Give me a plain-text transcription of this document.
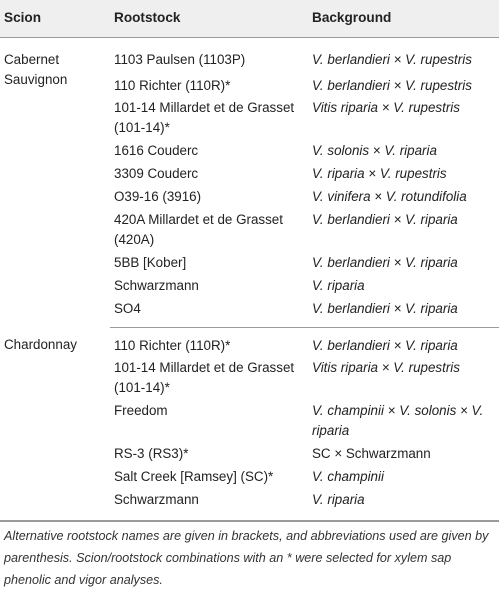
Scion	Rootstock	Background
Cabernet Sauvignon	1103 Paulsen (1103P)	V. berlandieri × V. rupestris
	110 Richter (110R)*	V. berlandieri × V. rupestris
	101-14 Millardet et de Grasset (101-14)*	Vitis riparia × V. rupestris
	1616 Couderc	V. solonis × V. riparia
	3309 Couderc	V. riparia × V. rupestris
	O39-16 (3916)	V. vinifera × V. rotundifolia
	420A Millardet et de Grasset (420A)	V. berlandieri × V. riparia
	5BB [Kober]	V. berlandieri × V. riparia
	Schwarzmann	V. riparia
	SO4	V. berlandieri × V. riparia
Chardonnay	110 Richter (110R)*	V. berlandieri × V. riparia
	101-14 Millardet et de Grasset (101-14)*	Vitis riparia × V. rupestris
	Freedom	V. champinii × V. solonis × V. riparia
	RS-3 (RS3)*	SC × Schwarzmann
	Salt Creek [Ramsey] (SC)*	V. champinii
	Schwarzmann	V. riparia
Alternative rootstock names are given in brackets, and abbreviations used are given by parenthesis. Scion/rootstock combinations with an * were selected for xylem sap phenolic and vigor analyses.
